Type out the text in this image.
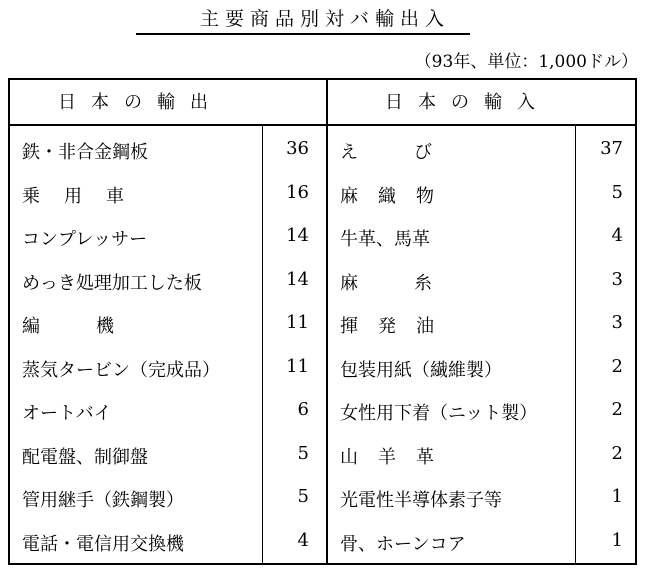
主要商品別対バ輸出入
（93年、単位：1,000ドル）
日本の輸出	日本の輸入
鉄・非合金鋼板	36 えび	37
乗用車	16 麻織物	5
コンプレッサー	14 牛革、馬革	4
めっき処理加工した板	14 麻糸	3
編機	11 揮発油	3
蒸気タービン（完成品）	11 包装用紙（繊維製）	2
オートバイ	6 女性用下着（ニット製）	2
配電盤、制御盤	5 山羊革	2
管用継手（鉄鋼製）	5 光電性半導体素子等	1
電話・電信用交換機	4 骨、ホーンコア	1
